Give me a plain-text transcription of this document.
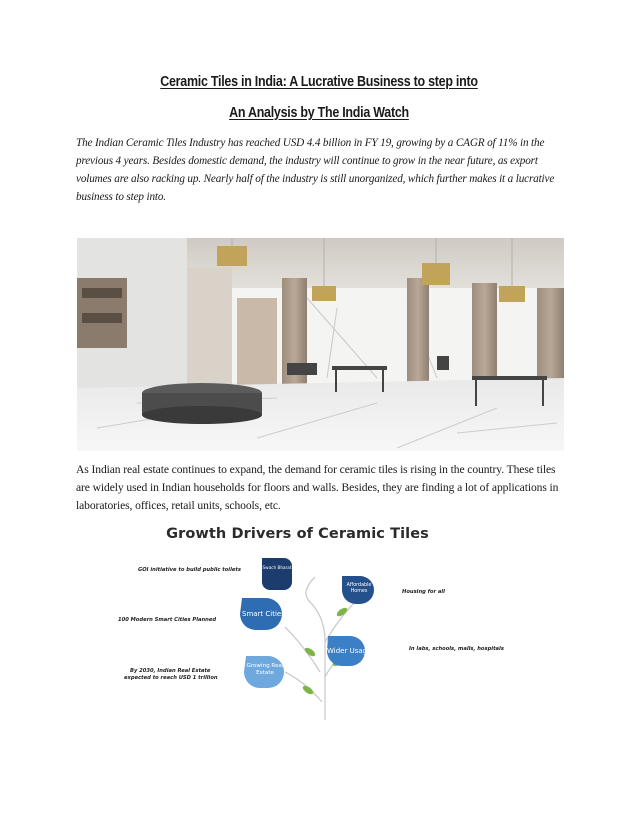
Ceramic Tiles in India: A Lucrative Business to step into
An Analysis by The India Watch

The Indian Ceramic Tiles Industry has reached USD 4.4 billion in FY 19, growing by a CAGR of 11% in the previous 4 years. Besides domestic demand, the industry will continue to grow in the near future, as export volumes are also racking up. Nearly half of the industry is still unorganized, which further makes it a lucrative business to step into.

As Indian real estate continues to expand, the demand for ceramic tiles is rising in the country. These tiles are widely used in Indian households for floors and walls. Besides, they are finding a lot of applications in laboratories, offices, retail units, schools, etc.

Growth Drivers of Ceramic Tiles
Swach Bharat
Affordable Homes
Smart Cities
Wider Usage
Growing Real Estate
GOI initiative to build public toilets
Housing for all
100 Modern Smart Cities Planned
In labs, schools, malls, hospitals
By 2030, Indian Real Estate
expected to reach USD 1 trillion
